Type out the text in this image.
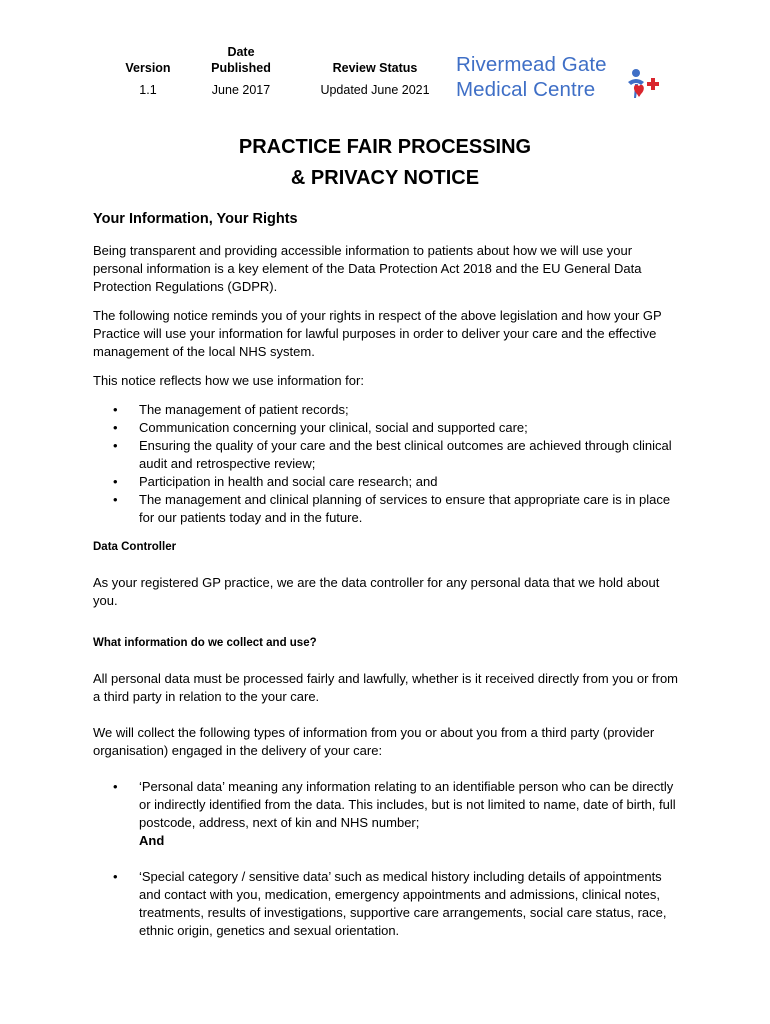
Version
1.1
Date
Published
June 2017
Review Status
Updated June 2021
Rivermead Gate
Medical Centre
PRACTICE FAIR PROCESSING
& PRIVACY NOTICE
Your Information, Your Rights

Being transparent and providing accessible information to patients about how we will use your personal information is a key element of the Data Protection Act 2018 and the EU General Data Protection Regulations (GDPR).

The following notice reminds you of your rights in respect of the above legislation and how your GP Practice will use your information for lawful purposes in order to deliver your care and the effective management of the local NHS system.

This notice reflects how we use information for:

• The management of patient records;
• Communication concerning your clinical, social and supported care;
• Ensuring the quality of your care and the best clinical outcomes are achieved through clinical audit and retrospective review;
• Participation in health and social care research; and
• The management and clinical planning of services to ensure that appropriate care is in place for our patients today and in the future.
Data Controller

As your registered GP practice, we are the data controller for any personal data that we hold about you.

What information do we collect and use?

All personal data must be processed fairly and lawfully, whether is it received directly from you or from a third party in relation to the your care.

We will collect the following types of information from you or about you from a third party (provider organisation) engaged in the delivery of your care:

• ‘Personal data’ meaning any information relating to an identifiable person who can be directly or indirectly identified from the data. This includes, but is not limited to name, date of birth, full postcode, address, next of kin and NHS number;
And
• ‘Special category / sensitive data’ such as medical history including details of appointments and contact with you, medication, emergency appointments and admissions, clinical notes, treatments, results of investigations, supportive care arrangements, social care status, race, ethnic origin, genetics and sexual orientation.
